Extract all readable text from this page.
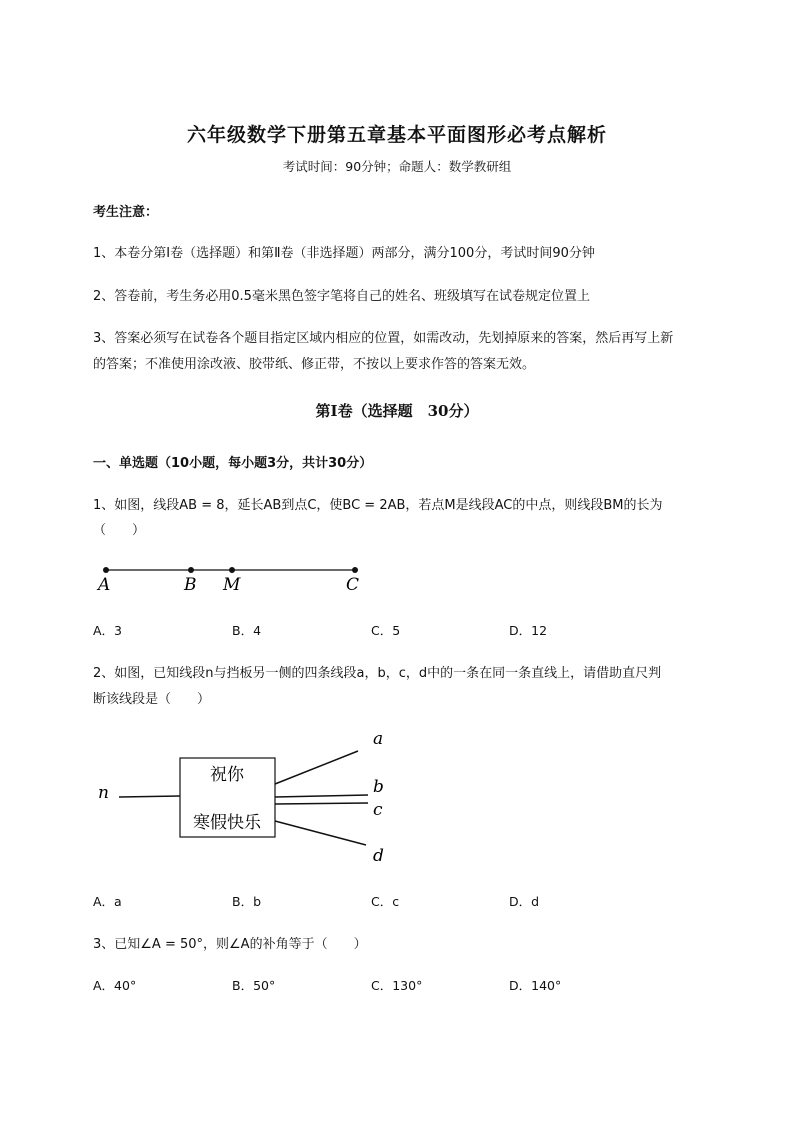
六年级数学下册第五章基本平面图形必考点解析
考试时间：90分钟；命题人：数学教研组
考生注意：
1、本卷分第I卷（选择题）和第Ⅱ卷（非选择题）两部分，满分100分，考试时间90分钟
2、答卷前，考生务必用0.5毫米黑色签字笔将自己的姓名、班级填写在试卷规定位置上
3、答案必须写在试卷各个题目指定区域内相应的位置，如需改动，先划掉原来的答案，然后再写上新
的答案；不准使用涂改液、胶带纸、修正带，不按以上要求作答的答案无效。
第Ⅰ卷（选择题　30分）
一、单选题（10小题，每小题3分，共计30分）
1、如图，线段AB = 8，延长AB到点C，使BC = 2AB，若点M是线段AC的中点，则线段BM的长为
（　　）
A	B M	C
A．3	B．4	C．5	D．12
2、如图，已知线段n与挡板另一侧的四条线段a，b，c，d中的一条在同一条直线上，请借助直尺判
断该线段是（　　）
祝你
寒假快乐
n
a
b
c
d
A．a	B．b	C．c	D．d
3、已知∠A = 50°，则∠A的补角等于（　　）
A．40°	B．50°	C．130°	D．140°
